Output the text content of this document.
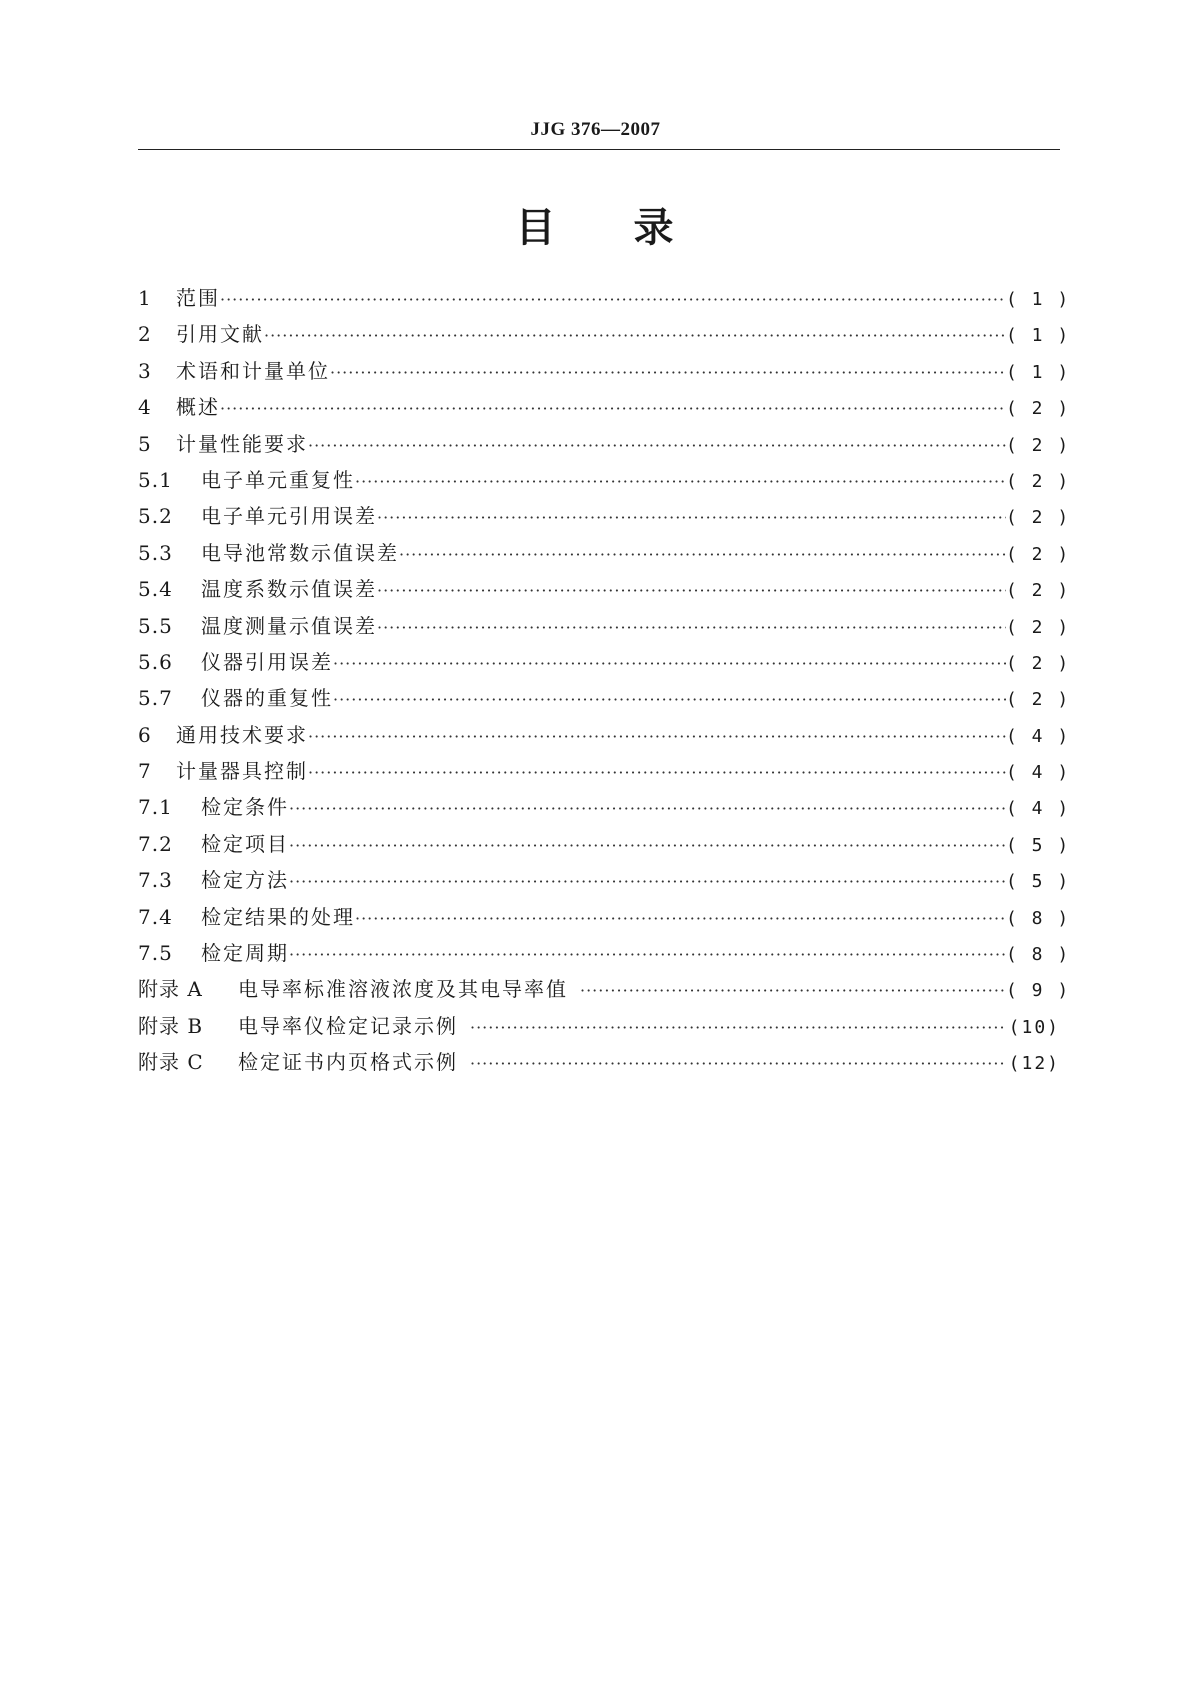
JJG 376—2007
目 录
1	范围 ·····	( 1 )
2	引用文献 ·····	( 1 )
3	术语和计量单位 ·····	( 1 )
4	概述 ·····	( 2 )
5	计量性能要求 ·····	( 2 )
5.1	电子单元重复性 ·····	( 2 )
5.2	电子单元引用误差 ·····	( 2 )
5.3	电导池常数示值误差 ·····	( 2 )
5.4	温度系数示值误差 ·····	( 2 )
5.5	温度测量示值误差 ·····	( 2 )
5.6	仪器引用误差 ·····	( 2 )
5.7	仪器的重复性 ·····	( 2 )
6	通用技术要求 ·····	( 4 )
7	计量器具控制 ·····	( 4 )
7.1	检定条件 ·····	( 4 )
7.2	检定项目 ·····	( 5 )
7.3	检定方法 ·····	( 5 )
7.4	检定结果的处理 ·····	( 8 )
7.5	检定周期 ·····	( 8 )
附录 A	电导率标准溶液浓度及其电导率值 ·····	( 9 )
附录 B	电导率仪检定记录示例 ·····	(10)
附录 C	检定证书内页格式示例 ·····	(12)
